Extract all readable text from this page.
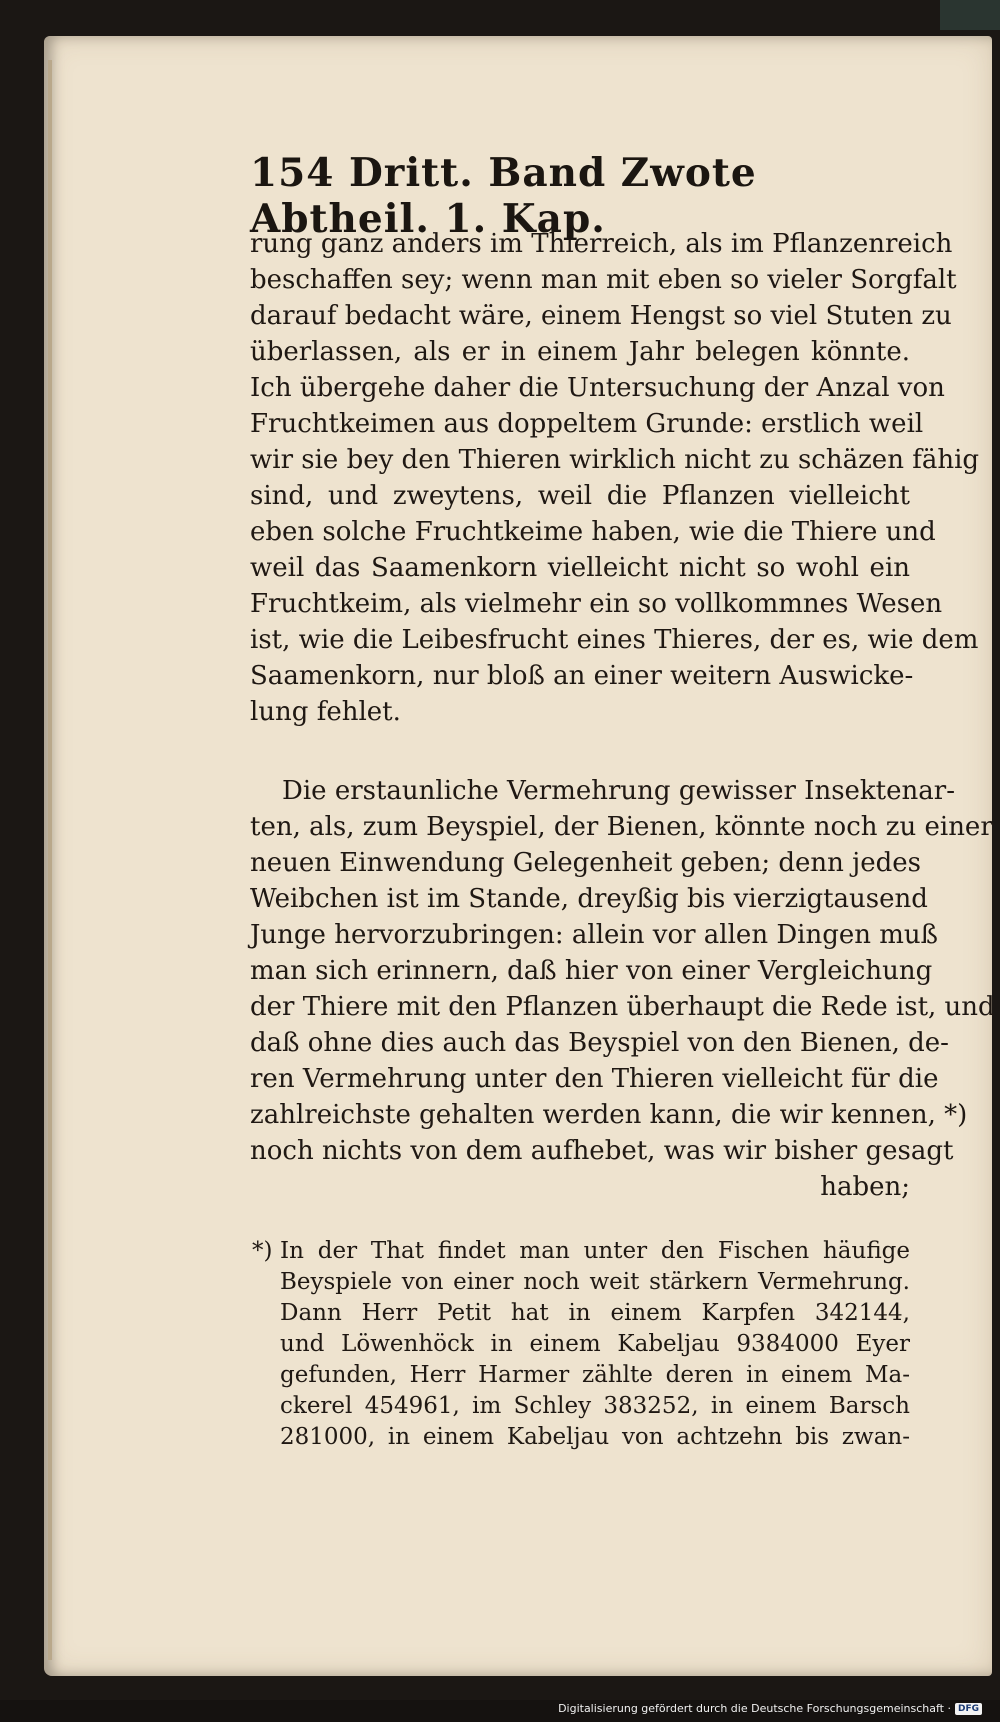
154 Dritt. Band Zwote Abtheil. 1. Kap.
rung ganz anders im Thierreich, als im Pflanzenreich
beschaffen sey; wenn man mit eben so vieler Sorgfalt
darauf bedacht wäre, einem Hengst so viel Stuten zu
überlassen, als er in einem Jahr belegen könnte.
Ich übergehe daher die Untersuchung der Anzal von
Fruchtkeimen aus doppeltem Grunde: erstlich weil
wir sie bey den Thieren wirklich nicht zu schäzen fähig
sind, und zweytens, weil die Pflanzen vielleicht
eben solche Fruchtkeime haben, wie die Thiere und
weil das Saamenkorn vielleicht nicht so wohl ein
Fruchtkeim, als vielmehr ein so vollkommnes Wesen
ist, wie die Leibesfrucht eines Thieres, der es, wie dem
Saamenkorn, nur bloß an einer weitern Auswicke-
lung fehlet.
Die erstaunliche Vermehrung gewisser Insektenar-
ten, als, zum Beyspiel, der Bienen, könnte noch zu einer
neuen Einwendung Gelegenheit geben; denn jedes
Weibchen ist im Stande, dreyßig bis vierzigtausend
Junge hervorzubringen: allein vor allen Dingen muß
man sich erinnern, daß hier von einer Vergleichung
der Thiere mit den Pflanzen überhaupt die Rede ist, und
daß ohne dies auch das Beyspiel von den Bienen, de-
ren Vermehrung unter den Thieren vielleicht für die
zahlreichste gehalten werden kann, die wir kennen, *)
noch nichts von dem aufhebet, was wir bisher gesagt
haben;
*) In der That findet man unter den Fischen häufige
Beyspiele von einer noch weit stärkern Vermehrung.
Dann Herr Petit hat in einem Karpfen 342144,
und Löwenhöck in einem Kabeljau 9384000 Eyer
gefunden, Herr Harmer zählte deren in einem Ma-
ckerel 454961, im Schley 383252, in einem Barsch
281000, in einem Kabeljau von achtzehn bis zwan-
Digitalisierung gefördert durch die Deutsche Forschungsgemeinschaft · DFG
